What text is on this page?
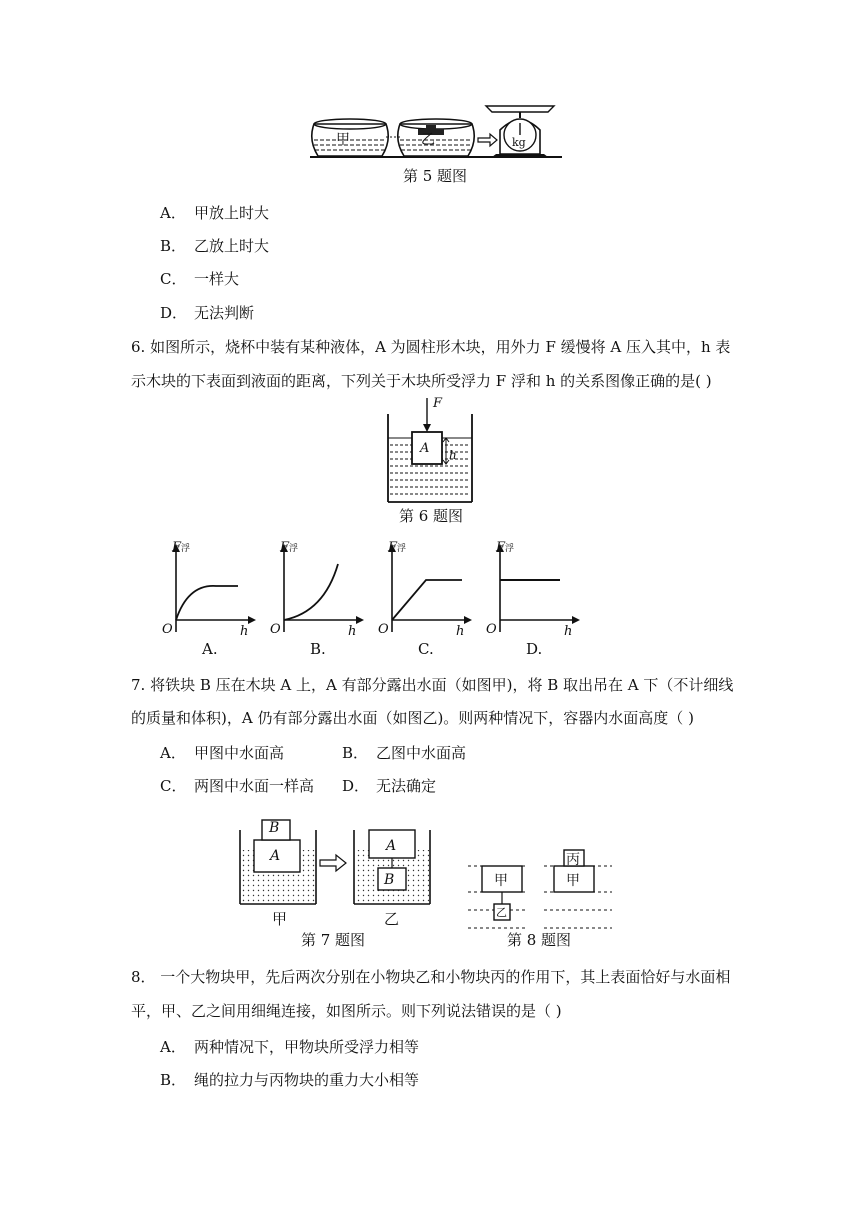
甲	乙	kg
第 5 题图
A． 甲放上时大
B． 乙放上时大
C． 一样大
D． 无法判断
6. 如图所示，烧杯中装有某种液体，A 为圆柱形木块，用外力 F 缓慢将 A 压入其中，h 表
示木块的下表面到液面的距离，下列关于木块所受浮力 F 浮和 h 的关系图像正确的是( )
F
A h
第 6 题图
F浮
O	h
A.
F浮
O	h
B.
F浮
O	h
C.
F浮
O	h
D.
7. 将铁块 B 压在木块 A 上，A 有部分露出水面（如图甲)，将 B 取出吊在 A 下（不计细线
的质量和体积)，A 仍有部分露出水面（如图乙)。则两种情况下，容器内水面高度（ )
A． 甲图中水面高	B． 乙图中水面高
C． 两图中水面一样高 D． 无法确定
B
A
A
B
甲	乙
第 7 题图
甲
乙
甲
丙
第 8 题图
8． 一个大物块甲，先后两次分别在小物块乙和小物块丙的作用下，其上表面恰好与水面相
平，甲、乙之间用细绳连接，如图所示。则下列说法错误的是（ )
A． 两种情况下，甲物块所受浮力相等
B． 绳的拉力与丙物块的重力大小相等
